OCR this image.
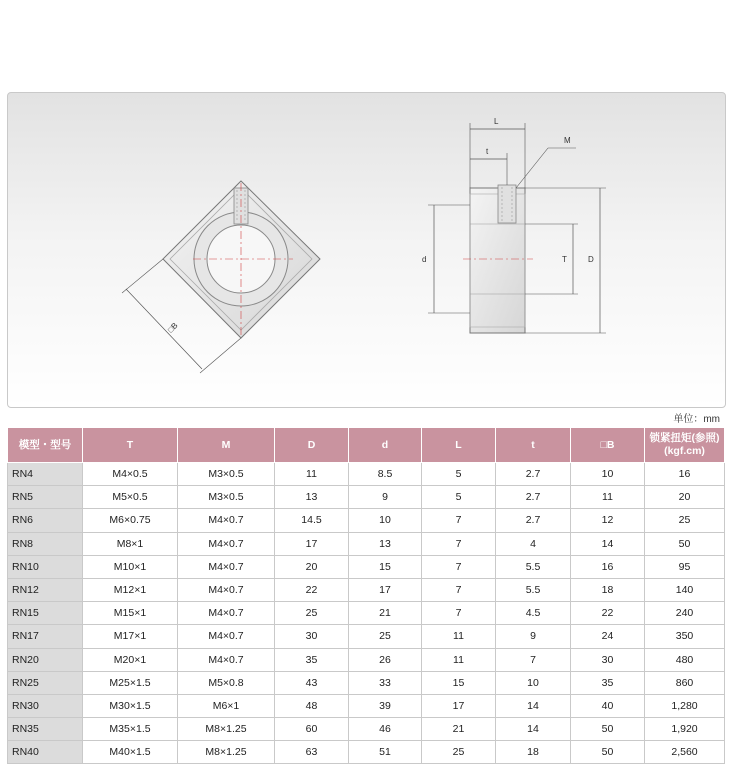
□B
L
t
M
d	T	D
单位：mm
模型・型号	T	M	D	d	L	t	□B	锁紧扭矩(参照)
(kgf.cm)

RN4	M4×0.5	M3×0.5	11	8.5	5	2.7	10	16
RN5	M5×0.5	M3×0.5	13	9	5	2.7	11	20
RN6	M6×0.75	M4×0.7	14.5	10	7	2.7	12	25
RN8	M8×1	M4×0.7	17	13	7	4	14	50
RN10	M10×1	M4×0.7	20	15	7	5.5	16	95
RN12	M12×1	M4×0.7	22	17	7	5.5	18	140
RN15	M15×1	M4×0.7	25	21	7	4.5	22	240
RN17	M17×1	M4×0.7	30	25	11	9	24	350
RN20	M20×1	M4×0.7	35	26	11	7	30	480
RN25	M25×1.5	M5×0.8	43	33	15	10	35	860
RN30	M30×1.5	M6×1	48	39	17	14	40	1,280
RN35	M35×1.5	M8×1.25	60	46	21	14	50	1,920
RN40	M40×1.5	M8×1.25	63	51	25	18	50	2,560
